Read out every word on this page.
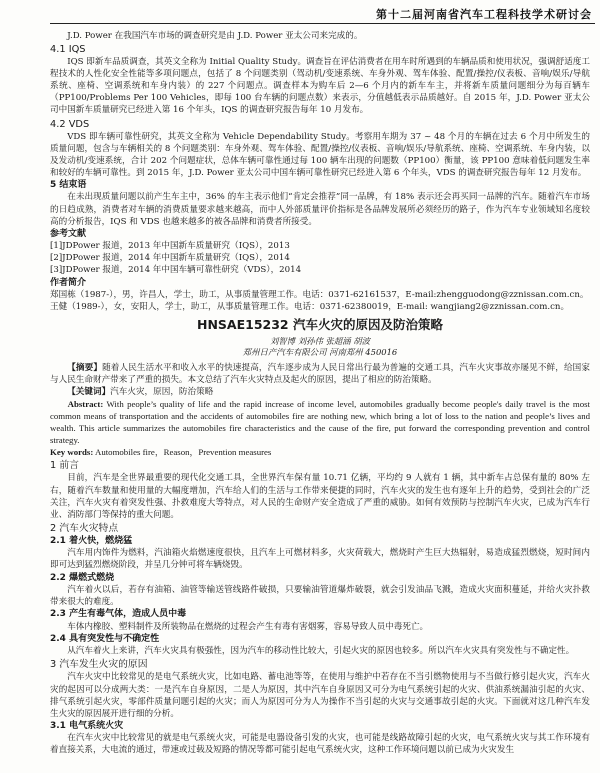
第十二届河南省汽车工程科技学术研讨会

J.D. Power 在我国汽车市场的调查研究是由 J.D. Power 亚太公司来完成的。

4.1 IQS

IQS 即新车品质调查，其英文全称为 Initial Quality Study。调查旨在评估消费者在用车时所遇到的车辆品质和使用状况，强调舒适度工程技术的人性化安全性能等多项问题点，包括了 8 个问题类别（驾动机/变速系统、车身外观、驾车体验、配置/操控/仪表板、音响/娱乐/导航系统、座椅、空调系统和车身内装）的 227 个问题点。调查样本为购车后 2—6 个月内的新车车主，并将新车质量问题细分为每百辆车（PP100/Problems Per 100 Vehicles，即每 100 台车辆的问题点数）来表示，分值越低表示品质越好。自 2015 年，J.D. Power 亚太公司中国新车质量研究已经进入第 16 个年头，IQS 的调查研究报告每年 10 月发布。

4.2 VDS

VDS 即车辆可靠性研究，其英文全称为 Vehicle Dependability Study。考察用车期为 37 ~ 48 个月的车辆在过去 6 个月中所发生的质量问题，包含与车辆相关的 8 个问题类别：车身外观、驾车体验、配置/操控/仪表板、音响/娱乐/导航系统、座椅、空调系统、车身内装，以及发动机/变速系统，合计 202 个问题症状，总体车辆可靠性通过每 100 辆车出现的问题数（PP100）衡量，该 PP100 意味着低问题发生率和较好的车辆可靠性。到 2015 年，J.D. Power 亚太公司中国车辆可靠性研究已经进入第 6 个年头，VDS 的调查研究报告每年 12 月发布。

5 结束语

在未出现质量问题以前产生车主中，36% 的车主表示他们“肯定会推荐”同一品牌，有 18% 表示还会再买同一品牌的汽车。随着汽车市场的日趋成熟，消费者对车辆的消费质量要求越来越高，而中人外部质量评价指标是各品牌发展所必须经历的路子，作为汽车专业领域知名度较高的分析报告，IQS 和 VDS 也越来越多的被各品牌和消费者所接受。

参考文献

[1]JDPower 报道，2013 年中国新车质量研究（IQS），2013

[2]JDPower 报道，2014 年中国新车质量研究（IQS），2014

[3]JDPower 报道，2014 年中国车辆可靠性研究（VDS），2014

作者简介

郑国栋（1987-），男，许昌人，学士，助工，从事质量管理工作。电话：0371-62161537，E-mail:zhengguodong@zznissan.com.cn。

王健（1989-），女，安阳人，学士，助工，从事质量管理工作。电话：0371-62380019，E-mail: wangjiang2@zznissan.com.cn。

HNSAE15232 汽车火灾的原因及防治策略
刘智博 刘孙伟 张超涵 胡波
郑州日产汽车有限公司 河南郑州 450016

【摘要】随着人民生活水平和收入水平的快速提高，汽车逐步成为人民日常出行最为普遍的交通工具，汽车火灾事故亦屡见不鲜，给国家与人民生命财产带来了严重的损失。本文总结了汽车火灾特点及起火的原因，提出了相应的防治策略。

【关键词】汽车火灾，原因，防治策略

Abstract: With people’s quality of life and the rapid increase of income level, automobiles gradually become people's daily travel is the most common means of transportation and the accidents of automobiles fire are nothing new, which bring a lot of loss to the nation and people’s lives and wealth. This article summarizes the automobiles fire characteristics and the cause of the fire, put forward the corresponding prevention and control strategy.

Key words: Automobiles fire，Reason，Prevention measures

1 前言

目前，汽车是全世界最重要的现代化交通工具，全世界汽车保有量 10.71 亿辆，平均约 9 人就有 1 辆，其中新车占总保有量的 80% 左右，随着汽车数量和使用量的大幅度增加，汽车给人们的生活与工作带来便捷的同时，汽车火灾的发生也有逐年上升的趋势，受到社会的广泛关注，汽车火灾有着突发性强、扑救难度大等特点，对人民的生命财产安全造成了严重的威胁。如何有效预防与控制汽车火灾，已成为汽车行业、消防部门等保持的重大问题。

2 汽车火灾特点
2.1 着火快，燃烧猛

汽车用内饰件为燃料，汽油箱火焰燃速度很快，且汽车上可燃材料多，火灾荷载大，燃烧时产生巨大热辐射，易造成猛烈燃烧，短时间内即可达到猛烈燃烧阶段，并呈几分钟可将车辆烧毁。

2.2 爆燃式燃烧

汽车着火以后，若存有油箱、油管等输送管线路件破损，只要输油管道爆炸破裂，就会引发油品飞溅，造成火灾面积蔓延，并给火灾扑救带来很大的难度。

2.3 产生有毒气体，造成人员中毒

车体内橡胶、塑料制件及所装物品在燃烧的过程会产生有毒有害烟雾，容易导致人员中毒死亡。

2.4 具有突发性与不确定性

从汽车着火上来讲，汽车火灾具有极强性，因为汽车的移动性比较大，引起火灾的原因也较多。所以汽车火灾具有突发性与不确定性。

3 汽车发生火灾的原因

汽车火灾中比较常见的是电气系统火灾，比如电路、蓄电池等等，在使用与维护中若存在不当引燃物使用与不当做行修引起火灾，汽车火灾的起因可以分成两大类：一是汽车自身原因，二是人为原因，其中汽车自身原因又可分为电气系统引起的火灾、供油系统漏油引起的火灾、排气系统引起火灾，零部件质量问题引起的火灾；而人为原因可分为人为操作不当引起的火灾与交通事故引起的火灾。下面就对这几种汽车发生火灾的原因展开进行细的分析。

3.1 电气系统火灾

在汽车火灾中比较常见的就是电气系统火灾，可能是电器设备引发的火灾，也可能是线路故障引起的火灾，电气系统火灾与其工作环境有着直接关系，大电流的通过，带速或过载及短路的情况等都可能引起电气系统火灾，这种工作环境问题以前已成为火灾发生
